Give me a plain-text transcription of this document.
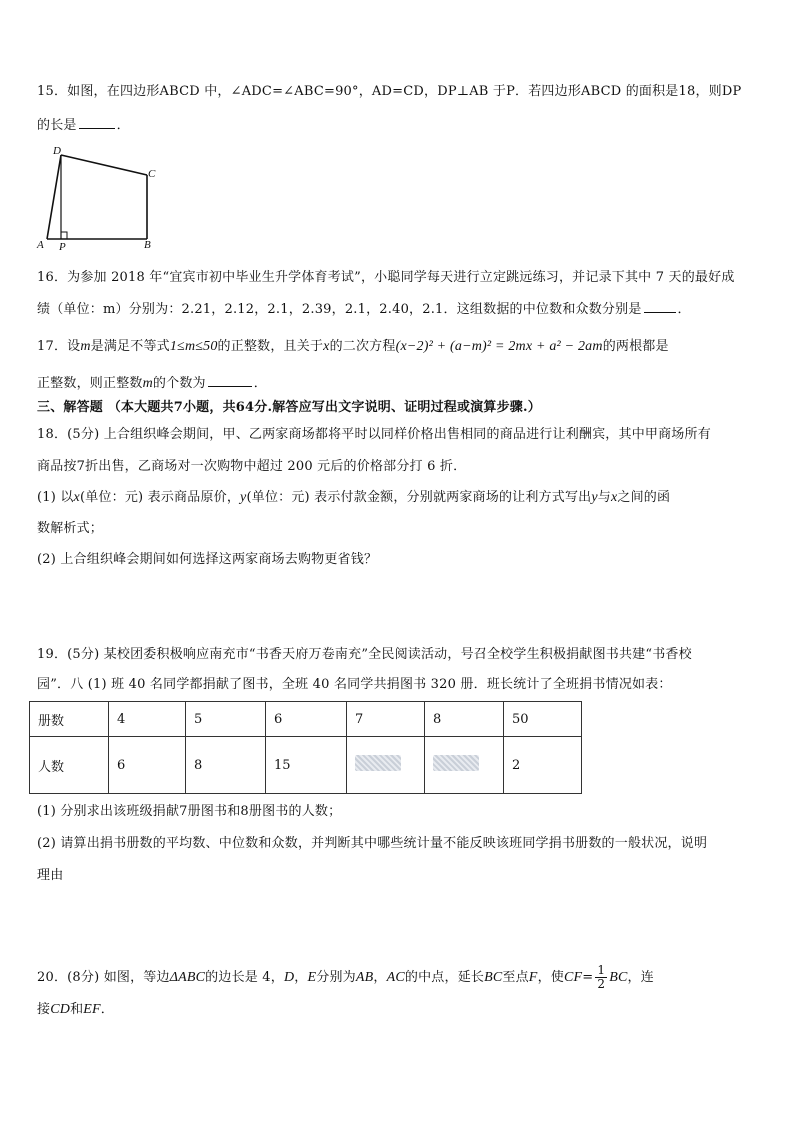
15．如图，在四边形ABCD 中，∠ADC=∠ABC=90°，AD=CD，DP⊥AB 于P．若四边形ABCD 的面积是18，则DP
的长是	．
D
C
A P	B
16．为参加 2018 年“宜宾市初中毕业生升学体育考试”，小聪同学每天进行立定跳远练习，并记录下其中 7 天的最好成
绩（单位：m）分别为：2.21，2.12，2.1，2.39，2.1，2.40，2.1．这组数据的中位数和众数分别是	．
17．设m是满足不等式1≤m≤50的正整数，且关于x的二次方程(x−2)² + (a−m)² = 2mx + a² − 2am的两根都是
正整数，则正整数m的个数为	．
三、解答题 （本大题共7小题，共64分.解答应写出文字说明、证明过程或演算步骤.）
18．(5分) 上合组织峰会期间，甲、乙两家商场都将平时以同样价格出售相同的商品进行让利酬宾，其中甲商场所有
商品按7折出售，乙商场对一次购物中超过 200 元后的价格部分打 6 折．
(1) 以x(单位：元) 表示商品原价，y(单位：元) 表示付款金额，分别就两家商场的让利方式写出y与x之间的函
数解析式；
(2) 上合组织峰会期间如何选择这两家商场去购物更省钱？
19．(5分) 某校团委积极响应南充市“书香天府万卷南充”全民阅读活动，号召全校学生积极捐献图书共建“书香校
园”．八 (1) 班 40 名同学都捐献了图书，全班 40 名同学共捐图书 320 册．班长统计了全班捐书情况如表：
册数	4	5	6	7	8	50
人数	6	8	15			2
(1) 分别求出该班级捐献7册图书和8册图书的人数；
(2) 请算出捐书册数的平均数、中位数和众数，并判断其中哪些统计量不能反映该班同学捐书册数的一般状况，说明
理由
20．(8分) 如图，等边ΔABC的边长是 4，D，E分别为AB，AC的中点，延长BC至点F，使$CF= \frac{1}{2}$ BC，连
接CD和EF．
